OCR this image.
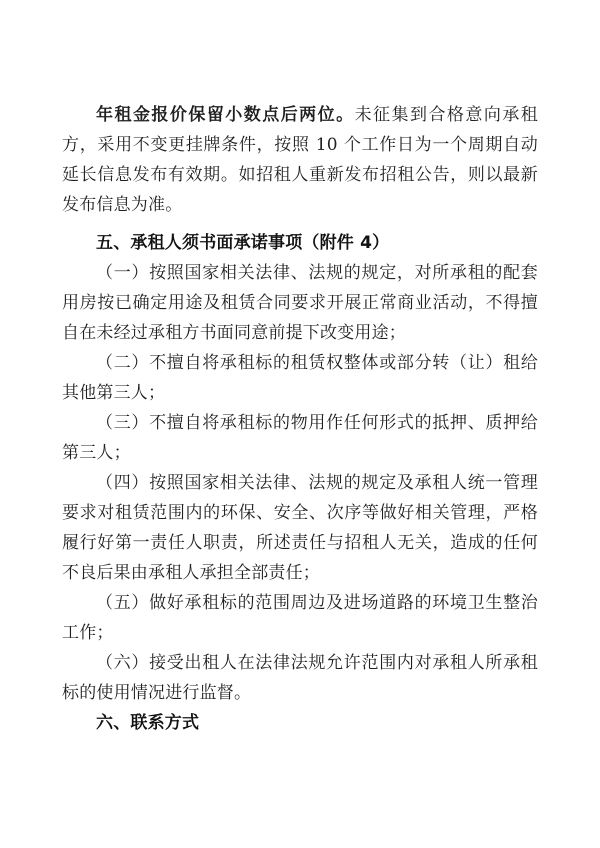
年租金报价保留小数点后两位。未征集到合格意向承租方，采用不变更挂牌条件，按照 10 个工作日为一个周期自动延长信息发布有效期。如招租人重新发布招租公告，则以最新发布信息为准。

五、承租人须书面承诺事项（附件 4）

（一）按照国家相关法律、法规的规定，对所承租的配套用房按已确定用途及租赁合同要求开展正常商业活动，不得擅自在未经过承租方书面同意前提下改变用途；

（二）不擅自将承租标的租赁权整体或部分转（让）租给其他第三人；

（三）不擅自将承租标的物用作任何形式的抵押、质押给第三人；

（四）按照国家相关法律、法规的规定及承租人统一管理要求对租赁范围内的环保、安全、次序等做好相关管理，严格履行好第一责任人职责，所述责任与招租人无关，造成的任何不良后果由承租人承担全部责任；

（五）做好承租标的范围周边及进场道路的环境卫生整治工作；

（六）接受出租人在法律法规允许范围内对承租人所承租标的使用情况进行监督。

六、联系方式
